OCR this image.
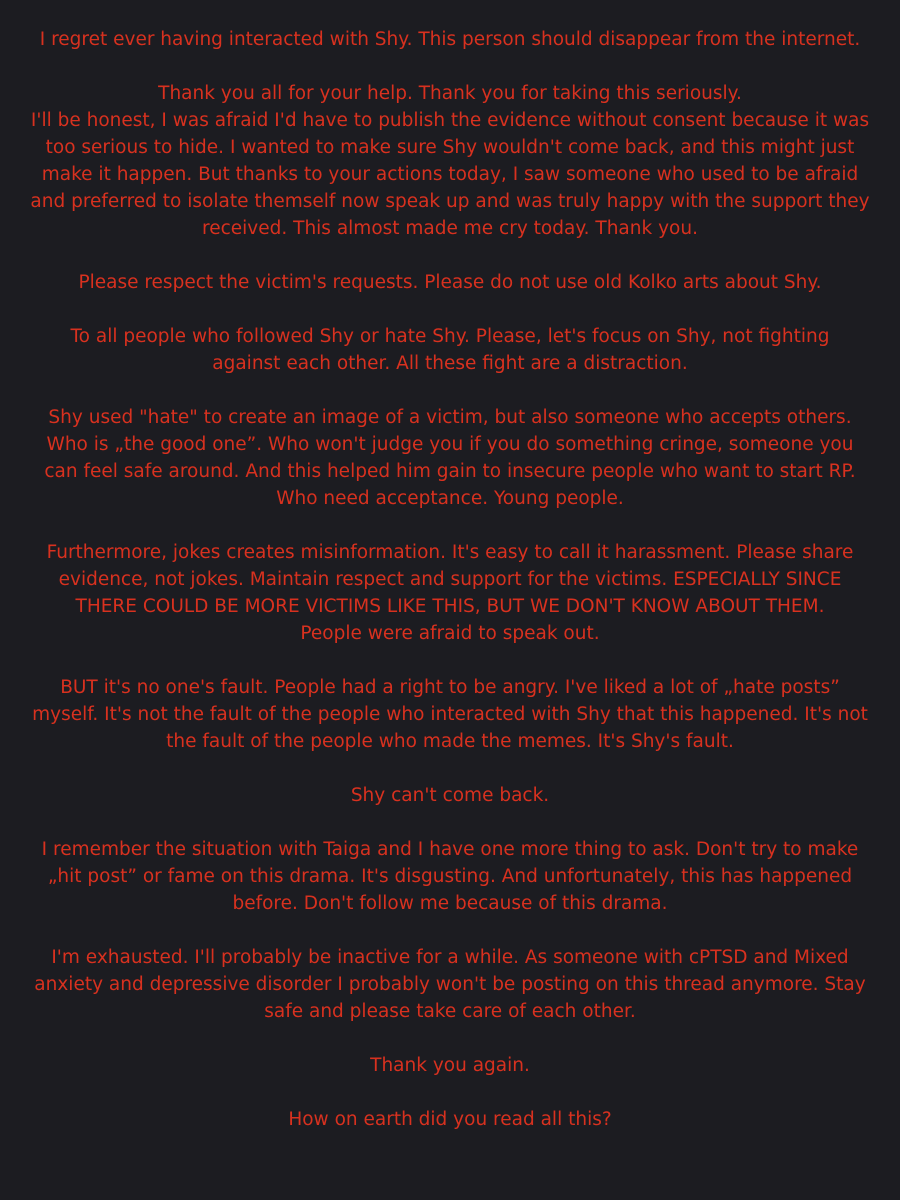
I regret ever having interacted with Shy. This person should disappear from the internet.

Thank you all for your help. Thank you for taking this seriously.
I'll be honest, I was afraid I'd have to publish the evidence without consent because it was
too serious to hide. I wanted to make sure Shy wouldn't come back, and this might just
make it happen. But thanks to your actions today, I saw someone who used to be afraid
and preferred to isolate themself now speak up and was truly happy with the support they
received. This almost made me cry today. Thank you.

Please respect the victim's requests. Please do not use old Kolko arts about Shy.

To all people who followed Shy or hate Shy. Please, let's focus on Shy, not fighting
against each other. All these fight are a distraction.

Shy used "hate" to create an image of a victim, but also someone who accepts others.
Who is „the good one”. Who won't judge you if you do something cringe, someone you
can feel safe around. And this helped him gain to insecure people who want to start RP.
Who need acceptance. Young people.

Furthermore, jokes creates misinformation. It's easy to call it harassment. Please share
evidence, not jokes. Maintain respect and support for the victims. ESPECIALLY SINCE
THERE COULD BE MORE VICTIMS LIKE THIS, BUT WE DON'T KNOW ABOUT THEM.
People were afraid to speak out.

BUT it's no one's fault. People had a right to be angry. I've liked a lot of „hate posts”
myself. It's not the fault of the people who interacted with Shy that this happened. It's not
the fault of the people who made the memes. It's Shy's fault.

Shy can't come back.

I remember the situation with Taiga and I have one more thing to ask. Don't try to make
„hit post” or fame on this drama. It's disgusting. And unfortunately, this has happened
before. Don't follow me because of this drama.

I'm exhausted. I'll probably be inactive for a while. As someone with cPTSD and Mixed
anxiety and depressive disorder I probably won't be posting on this thread anymore. Stay
safe and please take care of each other.

Thank you again.

How on earth did you read all this?
